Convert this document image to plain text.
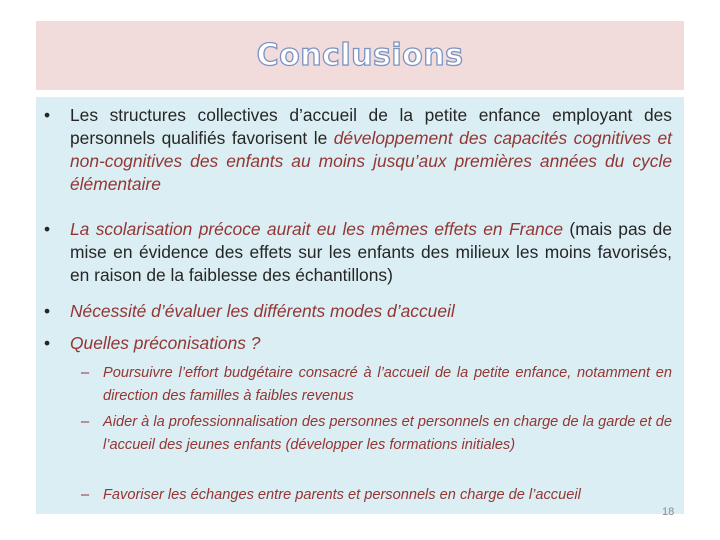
Conclusions
• Les structures collectives d’accueil de la petite enfance employant des personnels qualifiés favorisent le développement des capacités cognitives et non-cognitives des enfants au moins jusqu’aux premières années du cycle élémentaire
• La scolarisation précoce aurait eu les mêmes effets en France (mais pas de mise en évidence des effets sur les enfants des milieux les moins favorisés, en raison de la faiblesse des échantillons)
• Nécessité d’évaluer les différents modes d’accueil
• Quelles préconisations ?
– Poursuivre l’effort budgétaire consacré à l’accueil de la petite enfance, notamment en direction des familles à faibles revenus
– Aider à la professionnalisation des personnes et personnels en charge de la garde et de l’accueil des jeunes enfants (développer les formations initiales)
– Favoriser les échanges entre parents et personnels en charge de l’accueil
18
